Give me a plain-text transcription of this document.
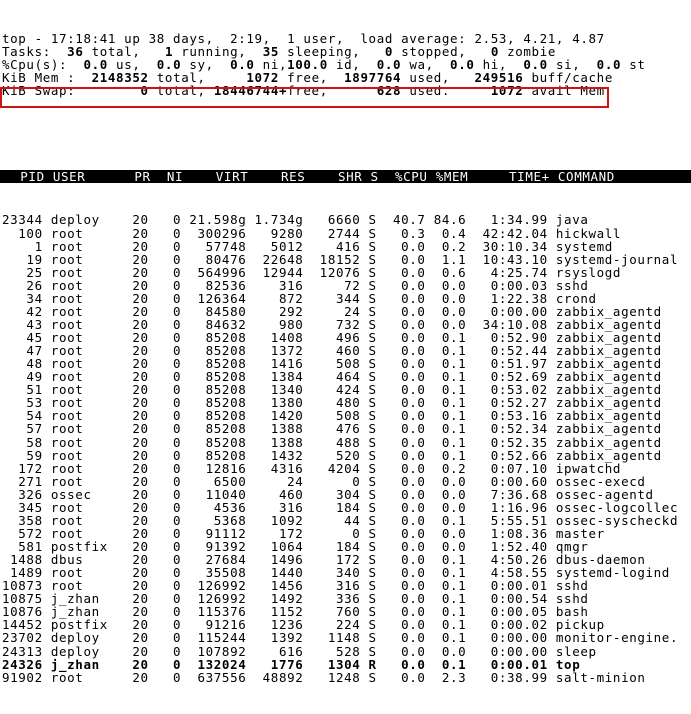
top - 17:18:41 up 38 days,  2:19,  1 user,  load average: 2.53, 4.21, 4.87
Tasks:  36 total,   1 running,  35 sleeping,   0 stopped,   0 zombie
%Cpu(s):  0.0 us,  0.0 sy,  0.0 ni,100.0 id,  0.0 wa,  0.0 hi,  0.0 si,  0.0 st
KiB Mem :  2148352 total,     1072 free,  1897764 used,   249516 buff/cache
KiB Swap:        0 total, 18446744+free,      628 used.     1072 avail Mem

PID USER      PR  NI    VIRT    RES    SHR S  %CPU %MEM     TIME+ COMMAND

23344 deploy    20   0 21.598g 1.734g   6660 S  40.7 84.6   1:34.99 java
100 root      20   0  300296   9280   2744 S   0.3  0.4  42:42.04 hickwall
1 root      20   0   57748   5012    416 S   0.0  0.2  30:10.34 systemd
19 root      20   0   80476  22648  18152 S   0.0  1.1  10:43.10 systemd-journal
25 root      20   0  564996  12944  12076 S   0.0  0.6   4:25.74 rsyslogd
26 root      20   0   82536    316     72 S   0.0  0.0   0:00.03 sshd
34 root      20   0  126364    872    344 S   0.0  0.0   1:22.38 crond
42 root      20   0   84580    292     24 S   0.0  0.0   0:00.00 zabbix_agentd
43 root      20   0   84632    980    732 S   0.0  0.0  34:10.08 zabbix_agentd
45 root      20   0   85208   1408    496 S   0.0  0.1   0:52.90 zabbix_agentd
47 root      20   0   85208   1372    460 S   0.0  0.1   0:52.44 zabbix_agentd
48 root      20   0   85208   1416    508 S   0.0  0.1   0:51.97 zabbix_agentd
49 root      20   0   85208   1384    464 S   0.0  0.1   0:52.69 zabbix_agentd
51 root      20   0   85208   1340    424 S   0.0  0.1   0:53.02 zabbix_agentd
53 root      20   0   85208   1380    480 S   0.0  0.1   0:52.27 zabbix_agentd
54 root      20   0   85208   1420    508 S   0.0  0.1   0:53.16 zabbix_agentd
57 root      20   0   85208   1388    476 S   0.0  0.1   0:52.34 zabbix_agentd
58 root      20   0   85208   1388    488 S   0.0  0.1   0:52.35 zabbix_agentd
59 root      20   0   85208   1432    520 S   0.0  0.1   0:52.66 zabbix_agentd
172 root      20   0   12816   4316   4204 S   0.0  0.2   0:07.10 ipwatchd
271 root      20   0    6500     24      0 S   0.0  0.0   0:00.60 ossec-execd
326 ossec     20   0   11040    460    304 S   0.0  0.0   7:36.68 ossec-agentd
345 root      20   0    4536    316    184 S   0.0  0.0   1:16.96 ossec-logcollec
358 root      20   0    5368   1092     44 S   0.0  0.1   5:55.51 ossec-syscheckd
572 root      20   0   91112    172      0 S   0.0  0.0   1:08.36 master
581 postfix   20   0   91392   1064    184 S   0.0  0.0   1:52.40 qmgr
1488 dbus      20   0   27684   1496    172 S   0.0  0.1   4:50.26 dbus-daemon
1489 root      20   0   35508   1440    340 S   0.0  0.1   4:58.55 systemd-logind
10873 root      20   0  126992   1456    316 S   0.0  0.1   0:00.01 sshd
10875 j_zhan    20   0  126992   1492    336 S   0.0  0.1   0:00.54 sshd
10876 j_zhan    20   0  115376   1152    760 S   0.0  0.1   0:00.05 bash
14452 postfix   20   0   91216   1236    224 S   0.0  0.1   0:00.02 pickup
23702 deploy    20   0  115244   1392   1148 S   0.0  0.1   0:00.00 monitor-engine.
24313 deploy    20   0  107892    616    528 S   0.0  0.0   0:00.00 sleep
24326 j_zhan    20   0  132024   1776   1304 R   0.0  0.1   0:00.01 top
91902 root      20   0  637556  48892   1248 S   0.0  2.3   0:38.99 salt-minion
